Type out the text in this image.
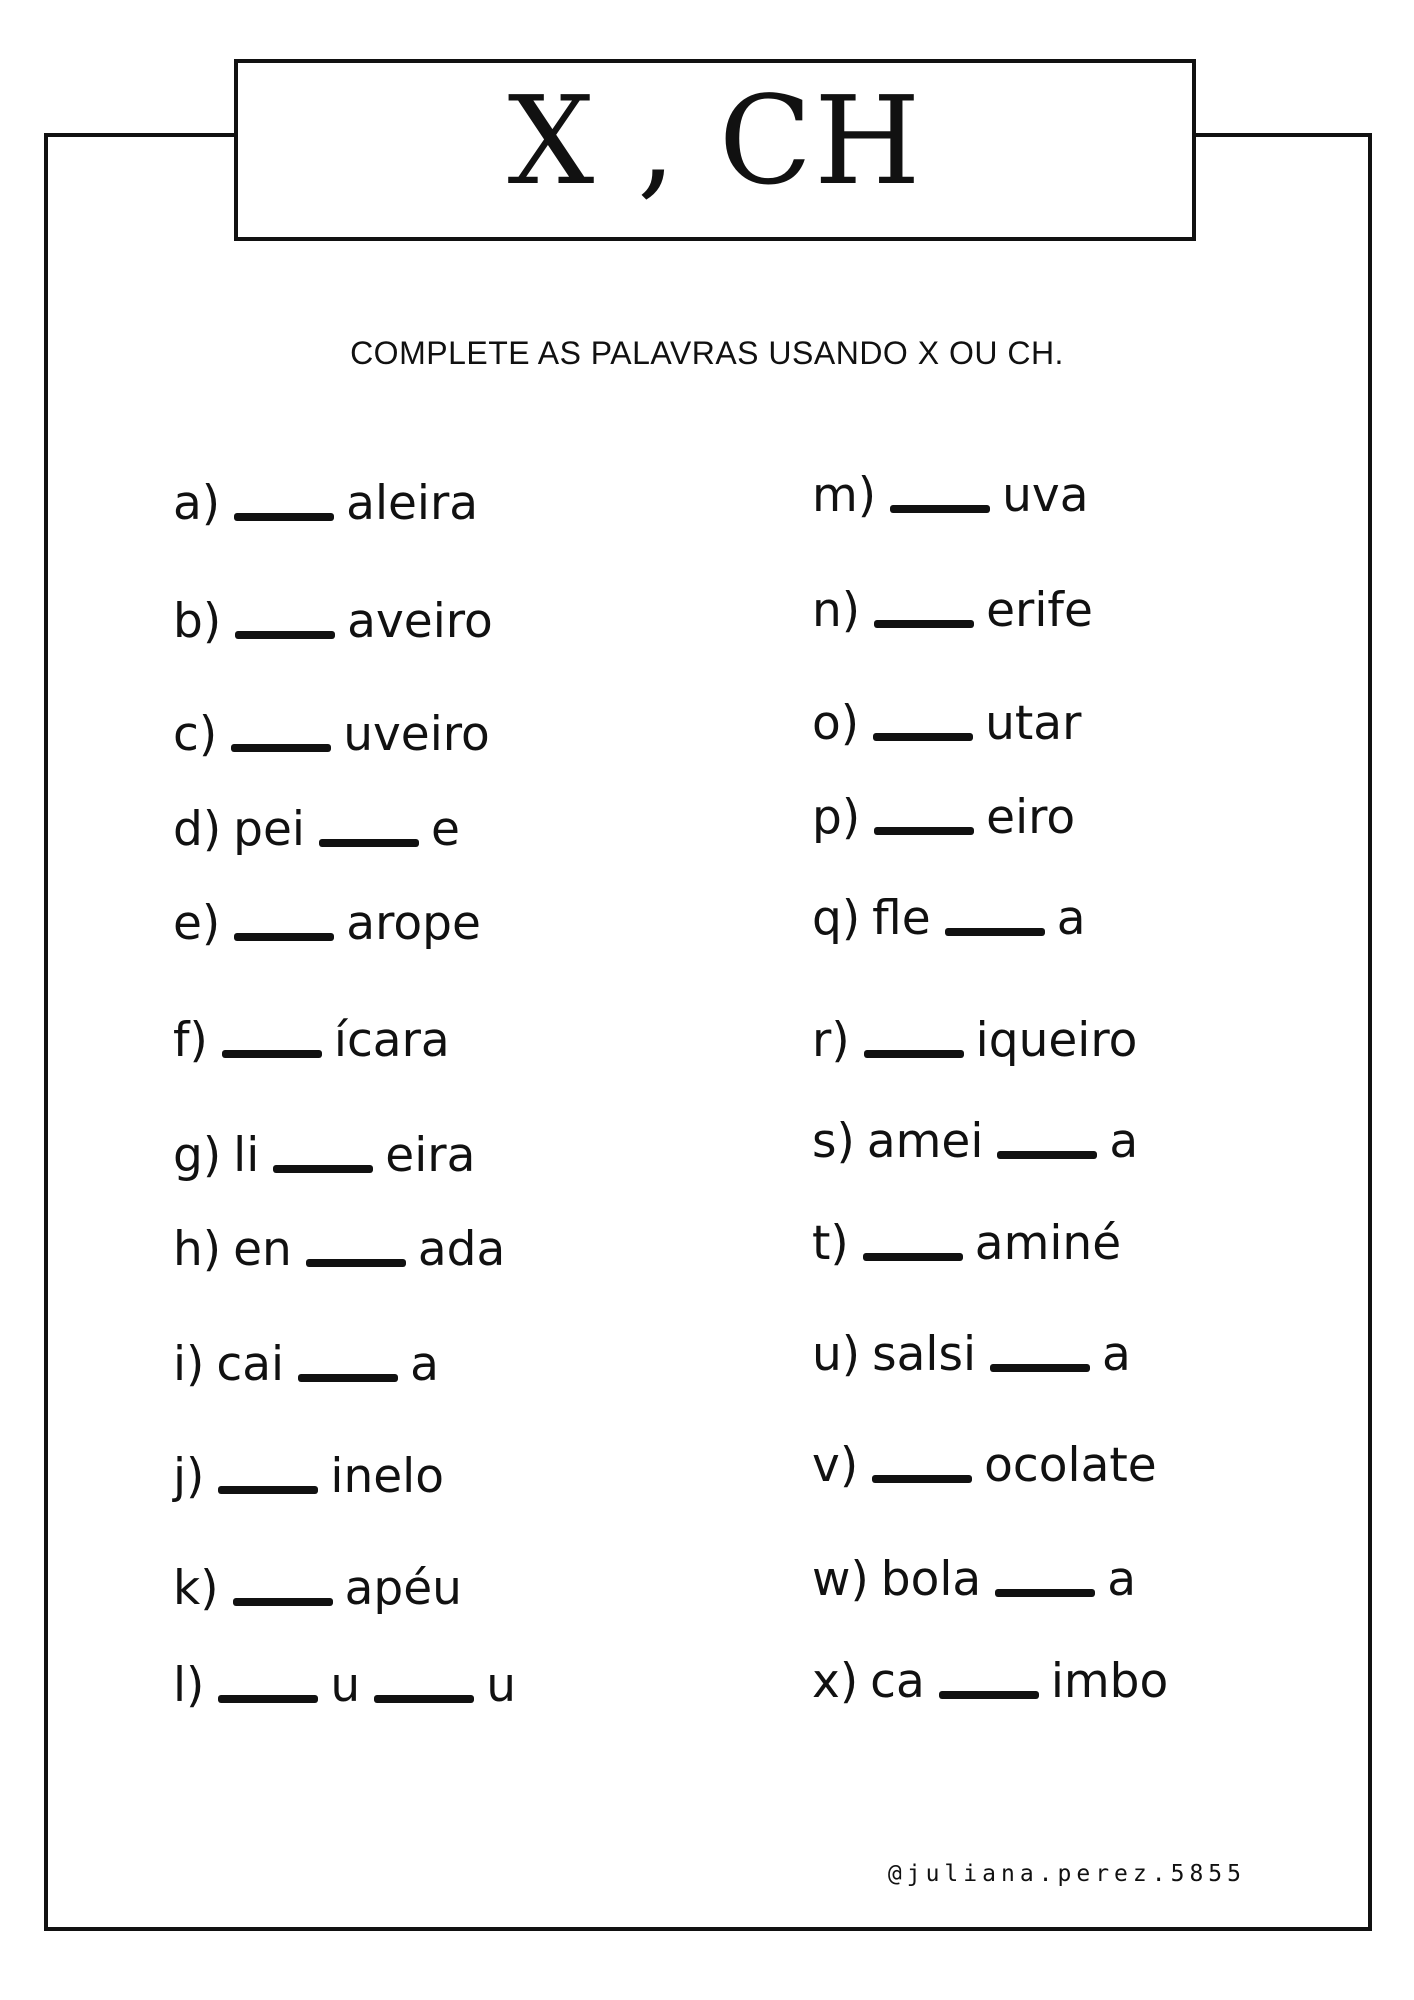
X , CH
COMPLETE AS PALAVRAS USANDO X OU CH.
a)	aleira
b)	aveiro
c)	uveiro
d) pei	e
e)	arope
f)	ícara
g) li	eira
h) en	ada
i) cai	a
j)	inelo
k)	apéu
l)	u	u
m)	uva
n)	erife
o)	utar
p)	eiro
q) fle	a
r)	iqueiro
s) amei	a
t)	aminé
u) salsi	a
v)	ocolate
w) bola	a
x) ca	imbo
@juliana.perez.5855
